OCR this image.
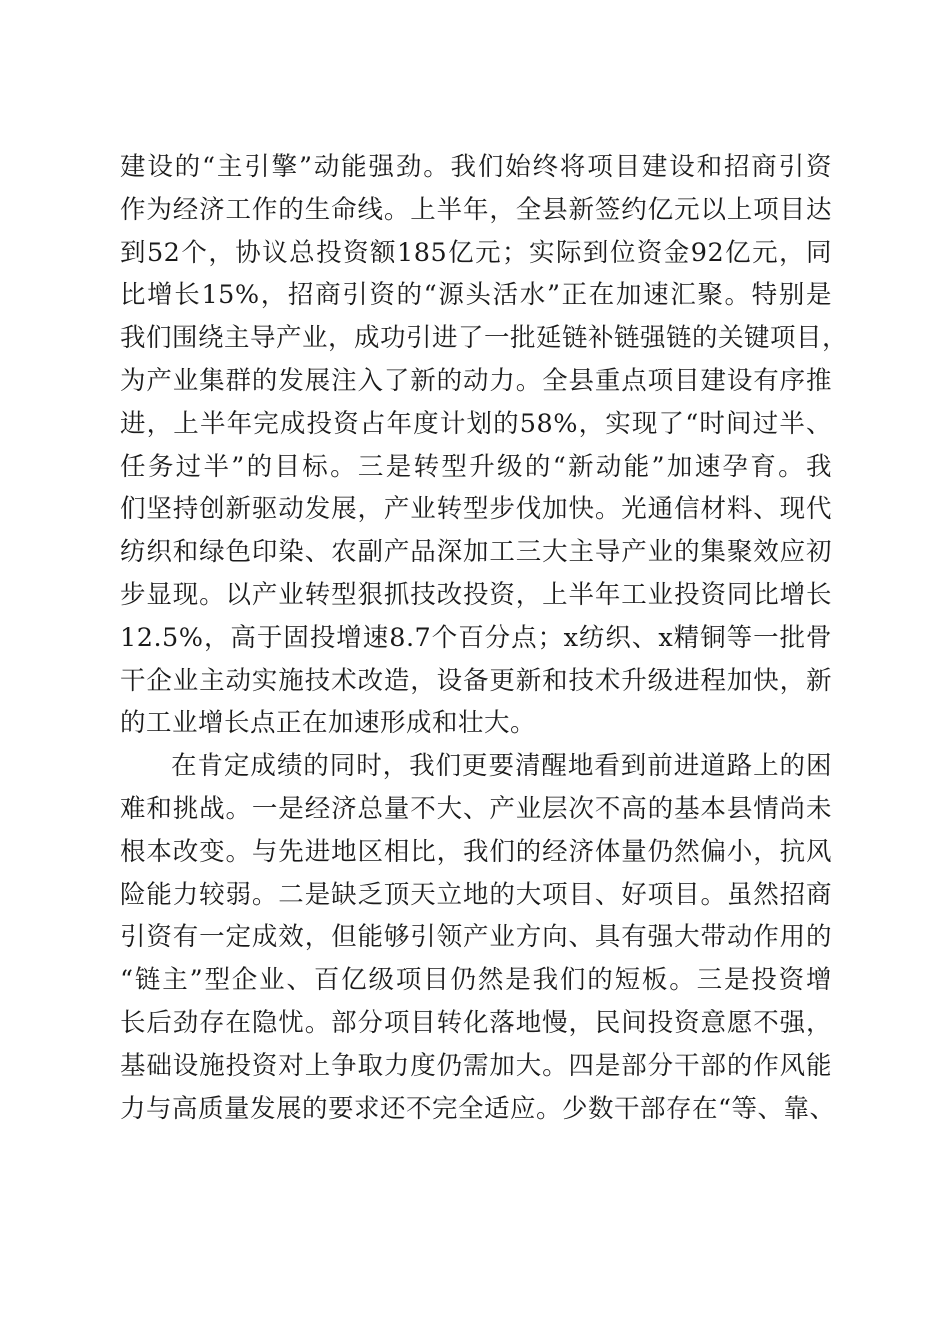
建设的“主引擎”动能强劲。我们始终将项目建设和招商引资
作为经济工作的生命线。上半年，全县新签约亿元以上项目达
到52个，协议总投资额185亿元；实际到位资金92亿元，同
比增长15%，招商引资的“源头活水”正在加速汇聚。特别是
我们围绕主导产业，成功引进了一批延链补链强链的关键项目，
为产业集群的发展注入了新的动力。全县重点项目建设有序推
进，上半年完成投资占年度计划的58%，实现了“时间过半、
任务过半”的目标。三是转型升级的“新动能”加速孕育。我
们坚持创新驱动发展，产业转型步伐加快。光通信材料、现代
纺织和绿色印染、农副产品深加工三大主导产业的集聚效应初
步显现。以产业转型狠抓技改投资，上半年工业投资同比增长
12.5%，高于固投增速8.7个百分点；x纺织、x精铜等一批骨
干企业主动实施技术改造，设备更新和技术升级进程加快，新
的工业增长点正在加速形成和壮大。
在肯定成绩的同时，我们更要清醒地看到前进道路上的困
难和挑战。一是经济总量不大、产业层次不高的基本县情尚未
根本改变。与先进地区相比，我们的经济体量仍然偏小，抗风
险能力较弱。二是缺乏顶天立地的大项目、好项目。虽然招商
引资有一定成效，但能够引领产业方向、具有强大带动作用的
“链主”型企业、百亿级项目仍然是我们的短板。三是投资增
长后劲存在隐忧。部分项目转化落地慢，民间投资意愿不强，
基础设施投资对上争取力度仍需加大。四是部分干部的作风能
力与高质量发展的要求还不完全适应。少数干部存在“等、靠、
